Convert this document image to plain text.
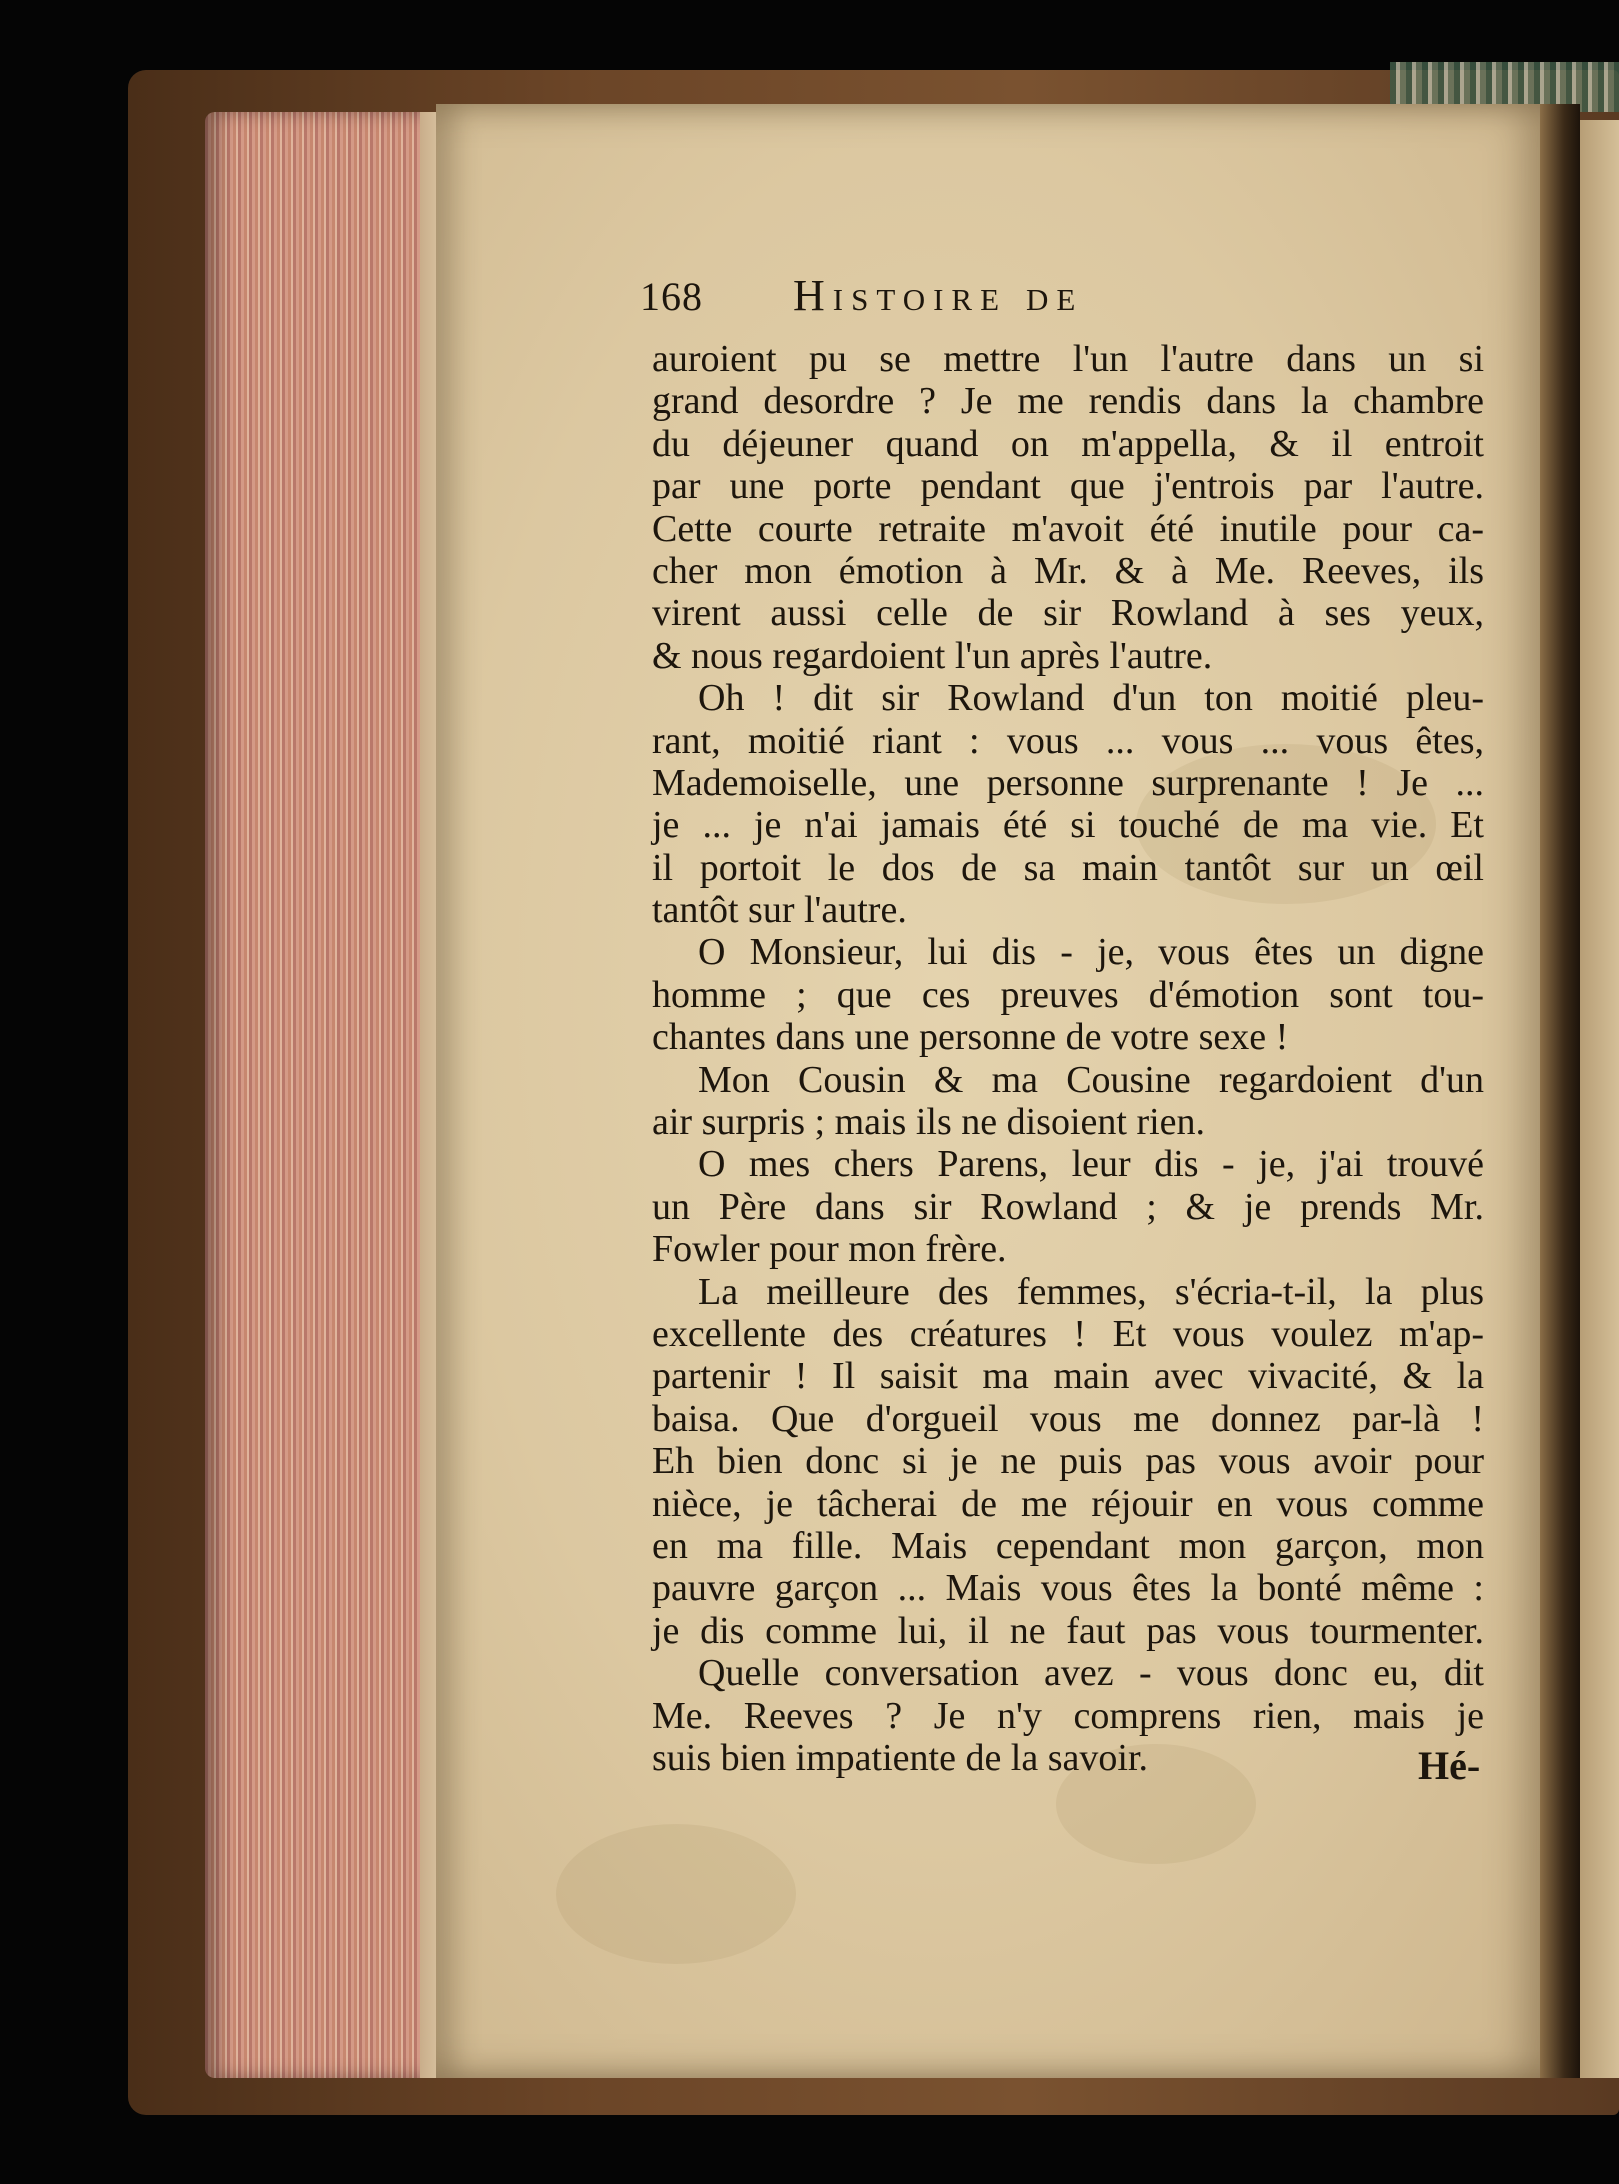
168 Histoire de
auroient pu se mettre l'un l'autre dans un si
grand desordre ? Je me rendis dans la chambre
du déjeuner quand on m'appella, & il entroit
par une porte pendant que j'entrois par l'autre.
Cette courte retraite m'avoit été inutile pour ca-
cher mon émotion à Mr. & à Me. Reeves, ils
virent aussi celle de sir Rowland à ses yeux,
& nous regardoient l'un après l'autre.
Oh ! dit sir Rowland d'un ton moitié pleu-
rant, moitié riant : vous ... vous ... vous êtes,
Mademoiselle, une personne surprenante ! Je ...
je ... je n'ai jamais été si touché de ma vie. Et
il portoit le dos de sa main tantôt sur un œil
tantôt sur l'autre.
O Monsieur, lui dis - je, vous êtes un digne
homme ; que ces preuves d'émotion sont tou-
chantes dans une personne de votre sexe !
Mon Cousin & ma Cousine regardoient d'un
air surpris ; mais ils ne disoient rien.
O mes chers Parens, leur dis - je, j'ai trouvé
un Père dans sir Rowland ; & je prends Mr.
Fowler pour mon frère.
La meilleure des femmes, s'écria-t-il, la plus
excellente des créatures ! Et vous voulez m'ap-
partenir ! Il saisit ma main avec vivacité, & la
baisa. Que d'orgueil vous me donnez par-là !
Eh bien donc si je ne puis pas vous avoir pour
nièce, je tâcherai de me réjouir en vous comme
en ma fille. Mais cependant mon garçon, mon
pauvre garçon ... Mais vous êtes la bonté même :
je dis comme lui, il ne faut pas vous tourmenter.
Quelle conversation avez - vous donc eu, dit
Me. Reeves ? Je n'y comprens rien, mais je
suis bien impatiente de la savoir.	Hé-
